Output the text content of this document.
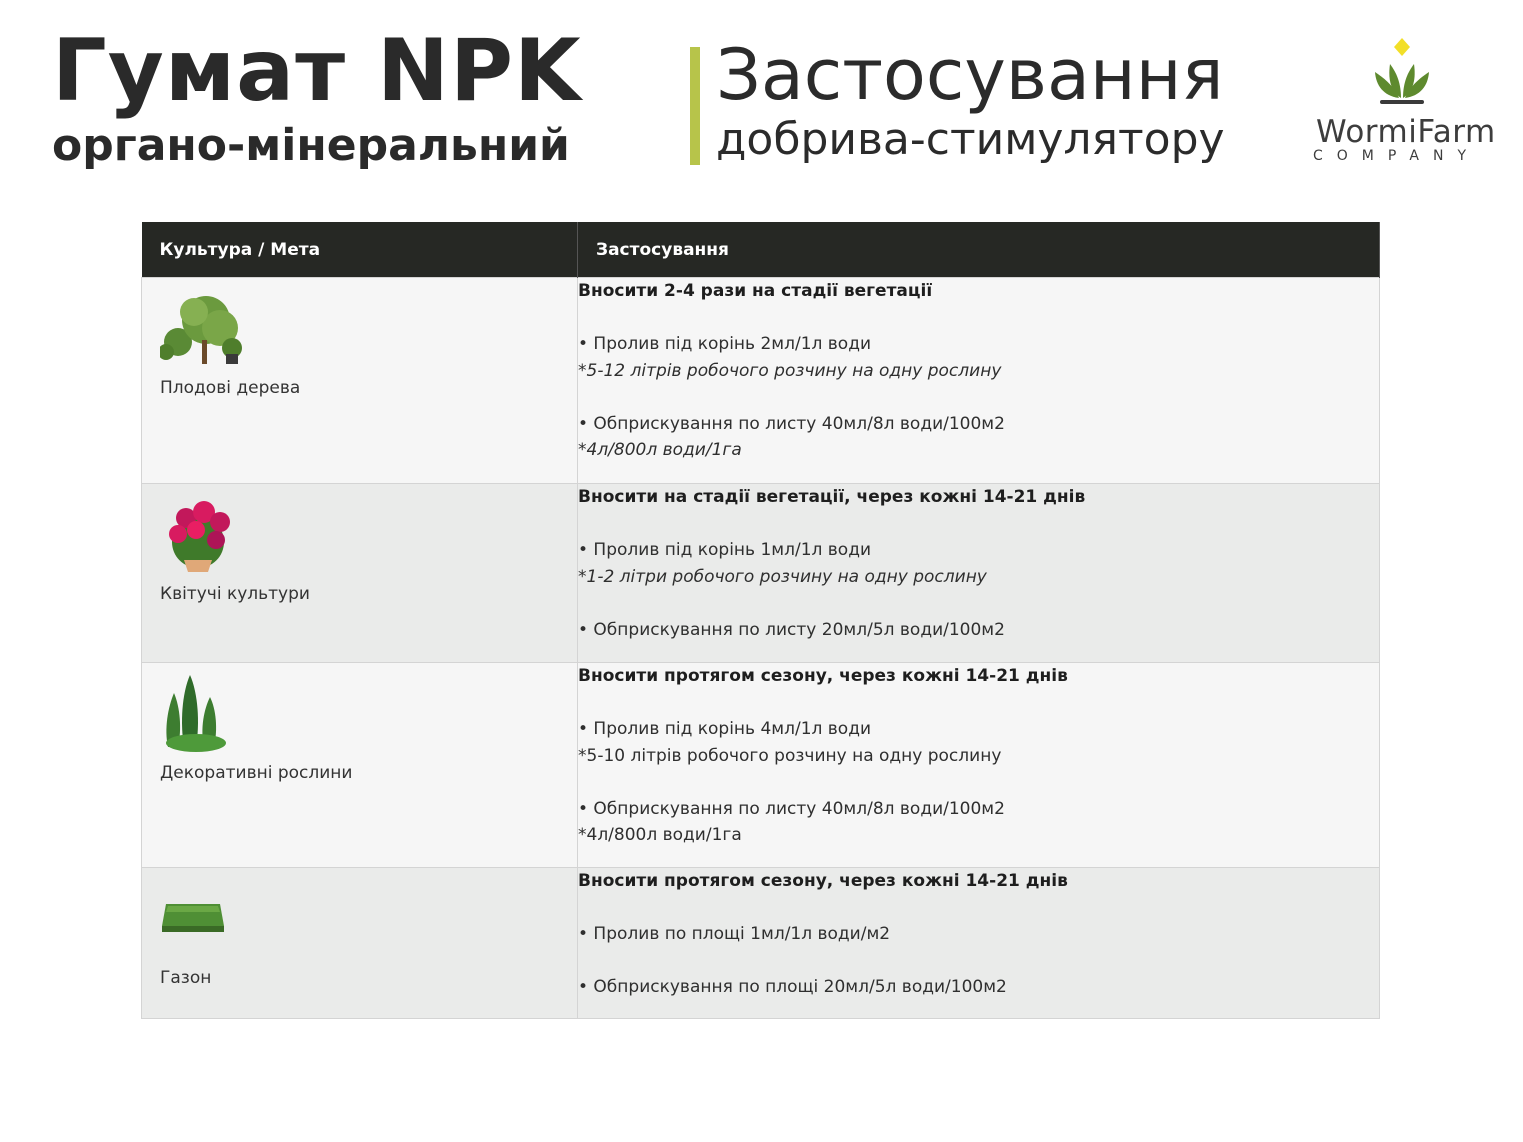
Гумат NPK
органо-мінеральний
Застосування
добрива-стимулятору	WormiFarm
COMPANY
Культура / Мета	Застосування

Плодові дерева	Вносити 2-4 рази на стадії вегетації
• Пролив під корінь 2мл/1л води
*5-12 літрів робочого розчину на одну рослину
• Обприскування по листу 40мл/8л води/100м2
*4л/800л води/1га

Квітучі культури	Вносити на стадії вегетації, через кожні 14-21 днів
• Пролив під корінь 1мл/1л води
*1-2 літри робочого розчину на одну рослину
• Обприскування по листу 20мл/5л води/100м2

Декоративні рослини	Вносити протягом сезону, через кожні 14-21 днів
• Пролив під корінь 4мл/1л води
*5-10 літрів робочого розчину на одну рослину
• Обприскування по листу 40мл/8л води/100м2
*4л/800л води/1га

Газон	Вносити протягом сезону, через кожні 14-21 днів
• Пролив по площі 1мл/1л води/м2
• Обприскування по площі 20мл/5л води/100м2
